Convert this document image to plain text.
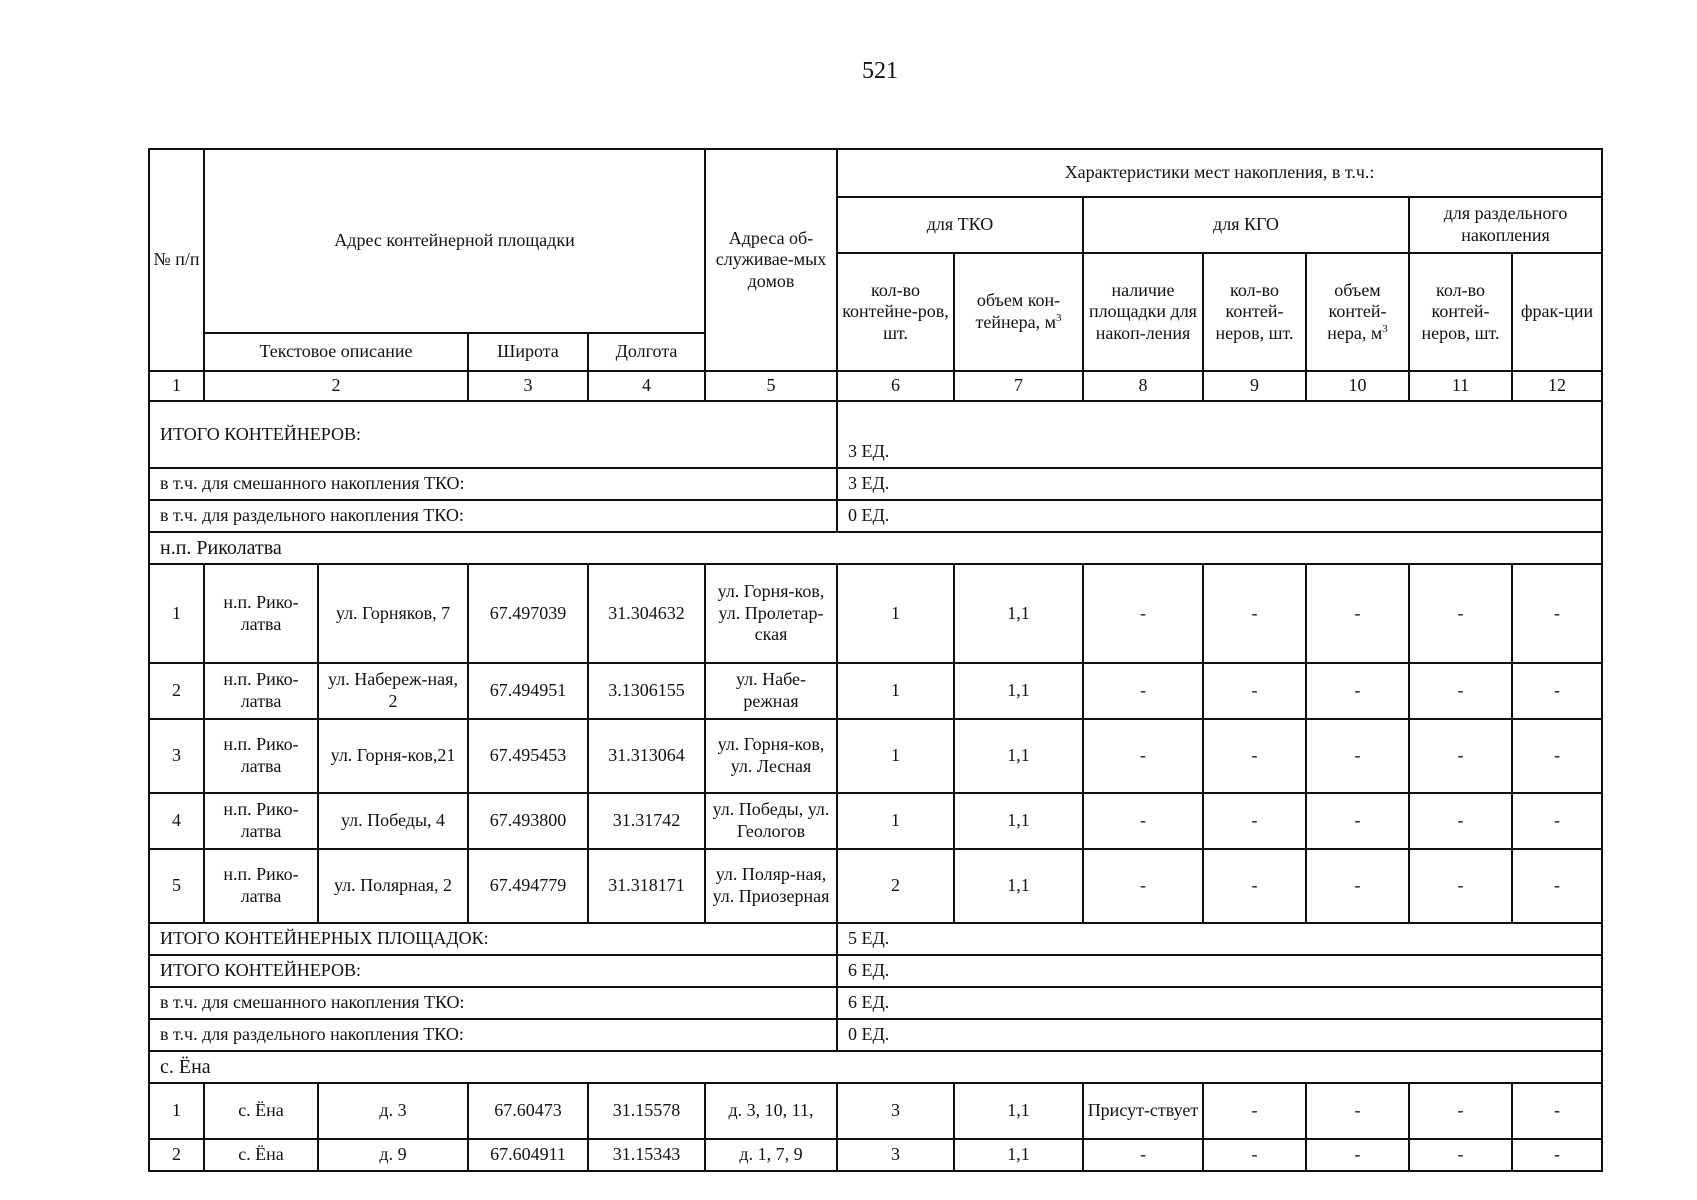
521
№ п/п	Адрес контейнерной площадки				Адреса об-служивае-мых домов	Характеристики мест накопления, в т.ч.:						
						для ТКО		для КГО			для раздельного накопления	
						кол-во контейне-ров, шт.	объем кон-тейнера, $м^3$	наличие площадки для накоп-ления	кол-во контей-неров, шт.	объем контей-нера, $м^3$	кол-во контей-неров, шт.	фрак-ции
	Текстовое описание		Широта	Долгота								
1	2		3	4	5	6	7	8	9	10	11	12
ИТОГО КОНТЕЙНЕРОВ:						3 ЕД.						
в т.ч. для смешанного накопления ТКО:						3 ЕД.						
в т.ч. для раздельного накопления ТКО:						0 ЕД.						
н.п. Риколатва												
1	н.п. Рико-латва	ул. Горняков, 7	67.497039	31.304632	ул. Горня-ков, ул. Пролетар-ская	1	1,1	-	-	-	-	-
2	н.п. Рико-латва	ул. Набереж-ная, 2	67.494951	3.1306155	ул. Набе-режная	1	1,1	-	-	-	-	-
3	н.п. Рико-латва	ул. Горня-ков,21	67.495453	31.313064	ул. Горня-ков, ул. Лесная	1	1,1	-	-	-	-	-
4	н.п. Рико-латва	ул. Победы, 4	67.493800	31.31742	ул. Победы, ул. Геологов	1	1,1	-	-	-	-	-
5	н.п. Рико-латва	ул. Полярная, 2	67.494779	31.318171	ул. Поляр-ная, ул. Приозерная	2	1,1	-	-	-	-	-
ИТОГО КОНТЕЙНЕРНЫХ ПЛОЩАДОК:						5 ЕД.						
ИТОГО КОНТЕЙНЕРОВ:						6 ЕД.						
в т.ч. для смешанного накопления ТКО:						6 ЕД.						
в т.ч. для раздельного накопления ТКО:						0 ЕД.						
с. Ёна												
1	с. Ёна	д. 3	67.60473	31.15578	д. 3, 10, 11,	3	1,1	Присут-ствует	-	-	-	-
2	с. Ёна	д. 9	67.604911	31.15343	д. 1, 7, 9	3	1,1	-	-	-	-	-
